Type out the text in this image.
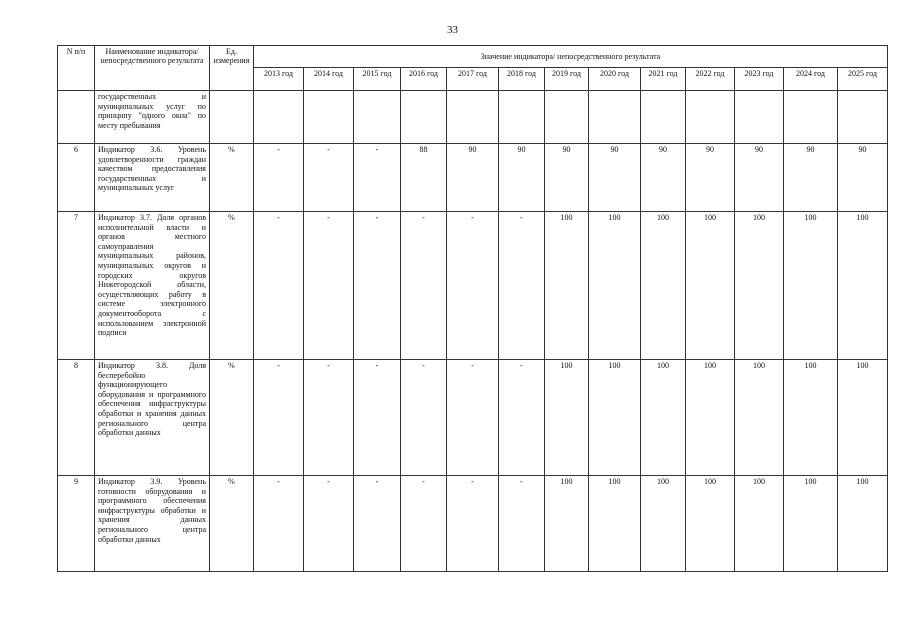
33
N п/п	Наименование индикатора/непосредственного результата	Ед. измерения	Значение индикатора/ непосредственного результата												
			2013 год	2014 год	2015 год	2016 год	2017 год	2018 год	2019 год	2020 год	2021 год	2022 год	2023 год	2024 год	2025 год
	государственных и муниципальных услуг по принципу "одного окна" по месту пребывания														
6	Индикатор 3.6. Уровень удовлетворенности граждан качеством предоставления государственных и муниципальных услуг	%	-	-	-	88	90	90	90	90	90	90	90	90	90
7	Индикатор 3.7. Доля органов исполнительной власти и органов местного самоуправления муниципальных районов, муниципальных округов и городских округов Нижегородской области, осуществляющих работу в системе электронного документооборота с использованием электронной подписи	%	-	-	-	-	-	-	100	100	100	100	100	100	100
8	Индикатор 3.8. Доля бесперебойно функционирующего оборудования и программного обеспечения инфраструктуры обработки и хранения данных регионального центра обработки данных	%	-	-	-	-	-	-	100	100	100	100	100	100	100
9	Индикатор 3.9. Уровень готовности оборудования и программного обеспечения инфраструктуры обработки и хранения данных регионального центра обработки данных	%	-	-	-	-	-	-	100	100	100	100	100	100	100
